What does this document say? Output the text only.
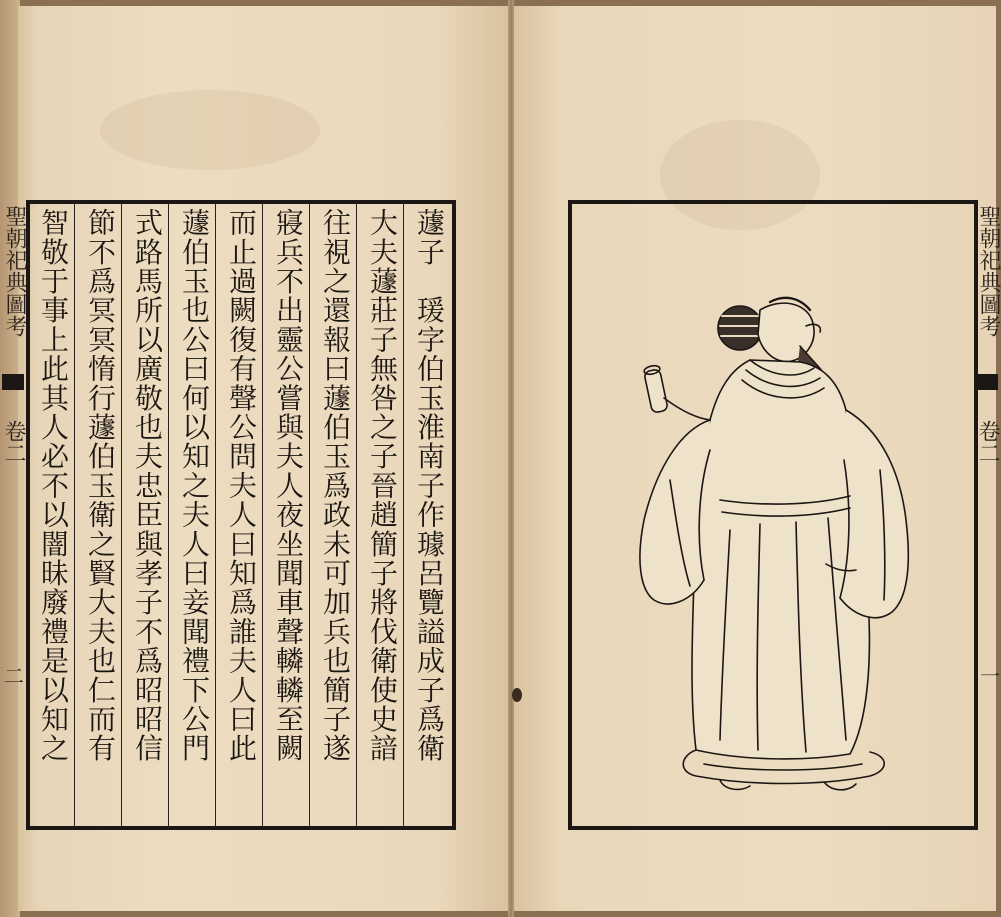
蘧子　瑗字伯玉淮南子作璩呂覽謚成子爲衛
大夫蘧莊子無咎之子晉趙簡子將伐衛使史諳
往視之還報曰蘧伯玉爲政未可加兵也簡子遂
寢兵不出靈公嘗與夫人夜坐聞車聲轔轔至闕
而止過闕復有聲公問夫人曰知爲誰夫人曰此
蘧伯玉也公曰何以知之夫人曰妾聞禮下公門
式路馬所以廣敬也夫忠臣與孝子不爲昭昭信
節不爲冥冥惰行蘧伯玉衛之賢大夫也仁而有
智敬于事上此其人必不以闇昧廢禮是以知之
聖朝祀典圖考
卷二
二
聖朝祀典圖考
卷二
一
